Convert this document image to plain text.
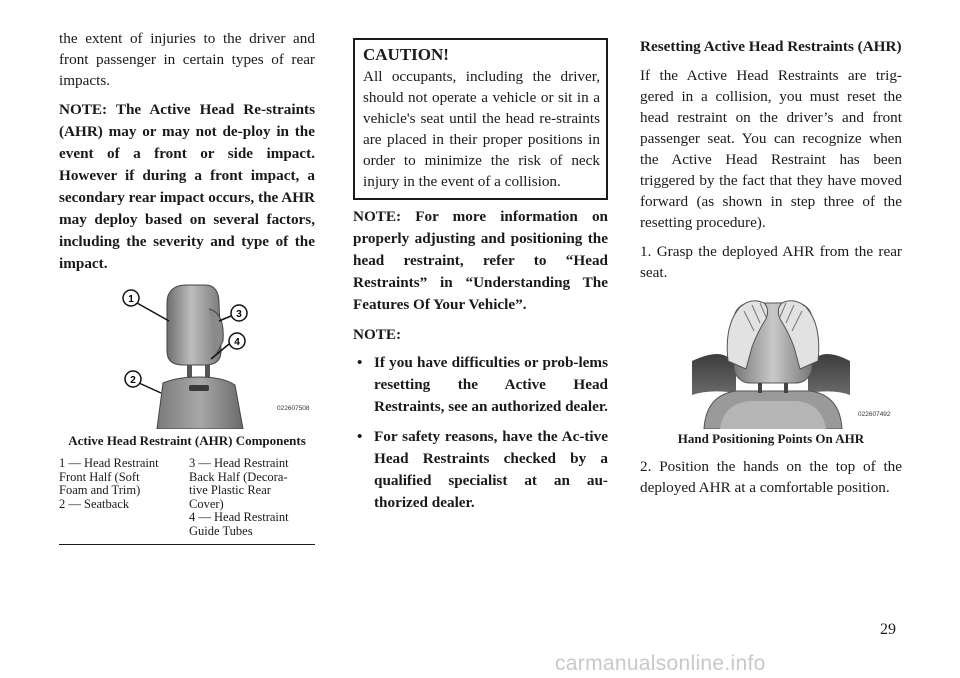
the extent of injuries to the driver and front passenger in certain types of rear impacts.

NOTE: The Active Head Re-straints (AHR) may or may not de-ploy in the event of a front or side impact. However if during a front impact, a secondary rear impact occurs, the AHR may deploy based on several factors, including the severity and type of the impact.

1
3
4
2
022607508
Active Head Restraint (AHR) Components
1 — Head Restraint
Front Half (Soft
Foam and Trim)
2 — Seatback
3 — Head Restraint
Back Half (Decora-
tive Plastic Rear
Cover)
4 — Head Restraint
Guide Tubes
CAUTION!

All occupants, including the driver, should not operate a vehicle or sit in a vehicle's seat until the head re-straints are placed in their proper positions in order to minimize the risk of neck injury in the event of a collision.

NOTE: For more information on properly adjusting and positioning the head restraint, refer to “Head Restraints” in “Understanding The Features Of Your Vehicle”.

NOTE:

• If you have difficulties or prob-lems resetting the Active Head Restraints, see an authorized dealer.
• For safety reasons, have the Ac-tive Head Restraints checked by a qualified specialist at an au-thorized dealer.
Resetting Active Head Restraints (AHR)

If the Active Head Restraints are trig-gered in a collision, you must reset the head restraint on the driver’s and front passenger seat. You can recognize when the Active Head Restraint has been triggered by the fact that they have moved forward (as shown in step three of the resetting procedure).

1. Grasp the deployed AHR from the rear seat.

022607492
Hand Positioning Points On AHR

2. Position the hands on the top of the deployed AHR at a comfortable position.

29
carmanualsonline.info
